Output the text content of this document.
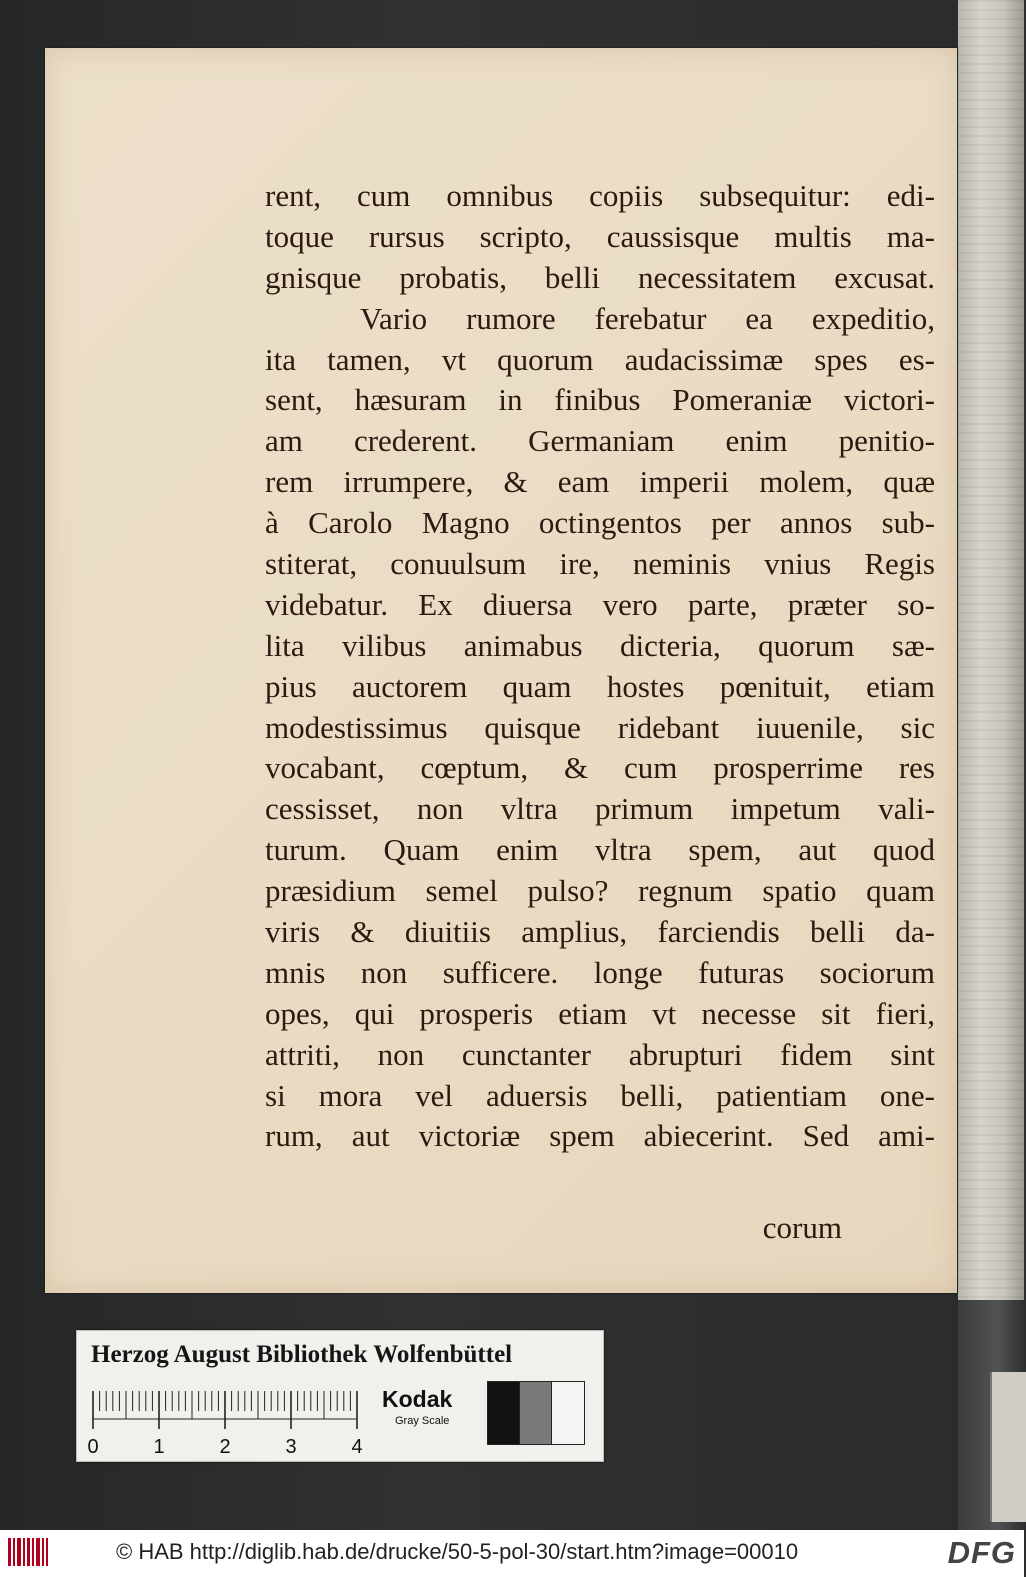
rent, cum omnibus copiis subsequitur: edi-
toque rursus scripto, caussisque multis ma-
gnisque probatis, belli necessitatem excusat.
Vario rumore ferebatur ea expeditio,
ita tamen, vt quorum audacissimæ spes es-
sent, hæsuram in finibus Pomeraniæ victori-
am crederent. Germaniam enim penitio-
rem irrumpere, & eam imperii molem, quæ
à Carolo Magno octingentos per annos sub-
stiterat, conuulsum ire, neminis vnius Regis
videbatur. Ex diuersa vero parte, præter so-
lita vilibus animabus dicteria, quorum sæ-
pius auctorem quam hostes pœnituit, etiam
modestissimus quisque ridebant iuuenile, sic
vocabant, cœptum, & cum prosperrime res
cessisset, non vltra primum impetum vali-
turum. Quam enim vltra spem, aut quod
præsidium semel pulso? regnum spatio quam
viris & diuitiis amplius, farciendis belli da-
mnis non sufficere. longe futuras sociorum
opes, qui prosperis etiam vt necesse sit fieri,
attriti, non cunctanter abrupturi fidem sint
si mora vel aduersis belli, patientiam one-
rum, aut victoriæ spem abiecerint. Sed ami-
corum
Herzog August Bibliothek Wolfenbüttel
0	1	2	3	4
Kodak
Gray Scale
© HAB http://diglib.hab.de/drucke/50-5-pol-30/start.htm?image=00010	DFG
